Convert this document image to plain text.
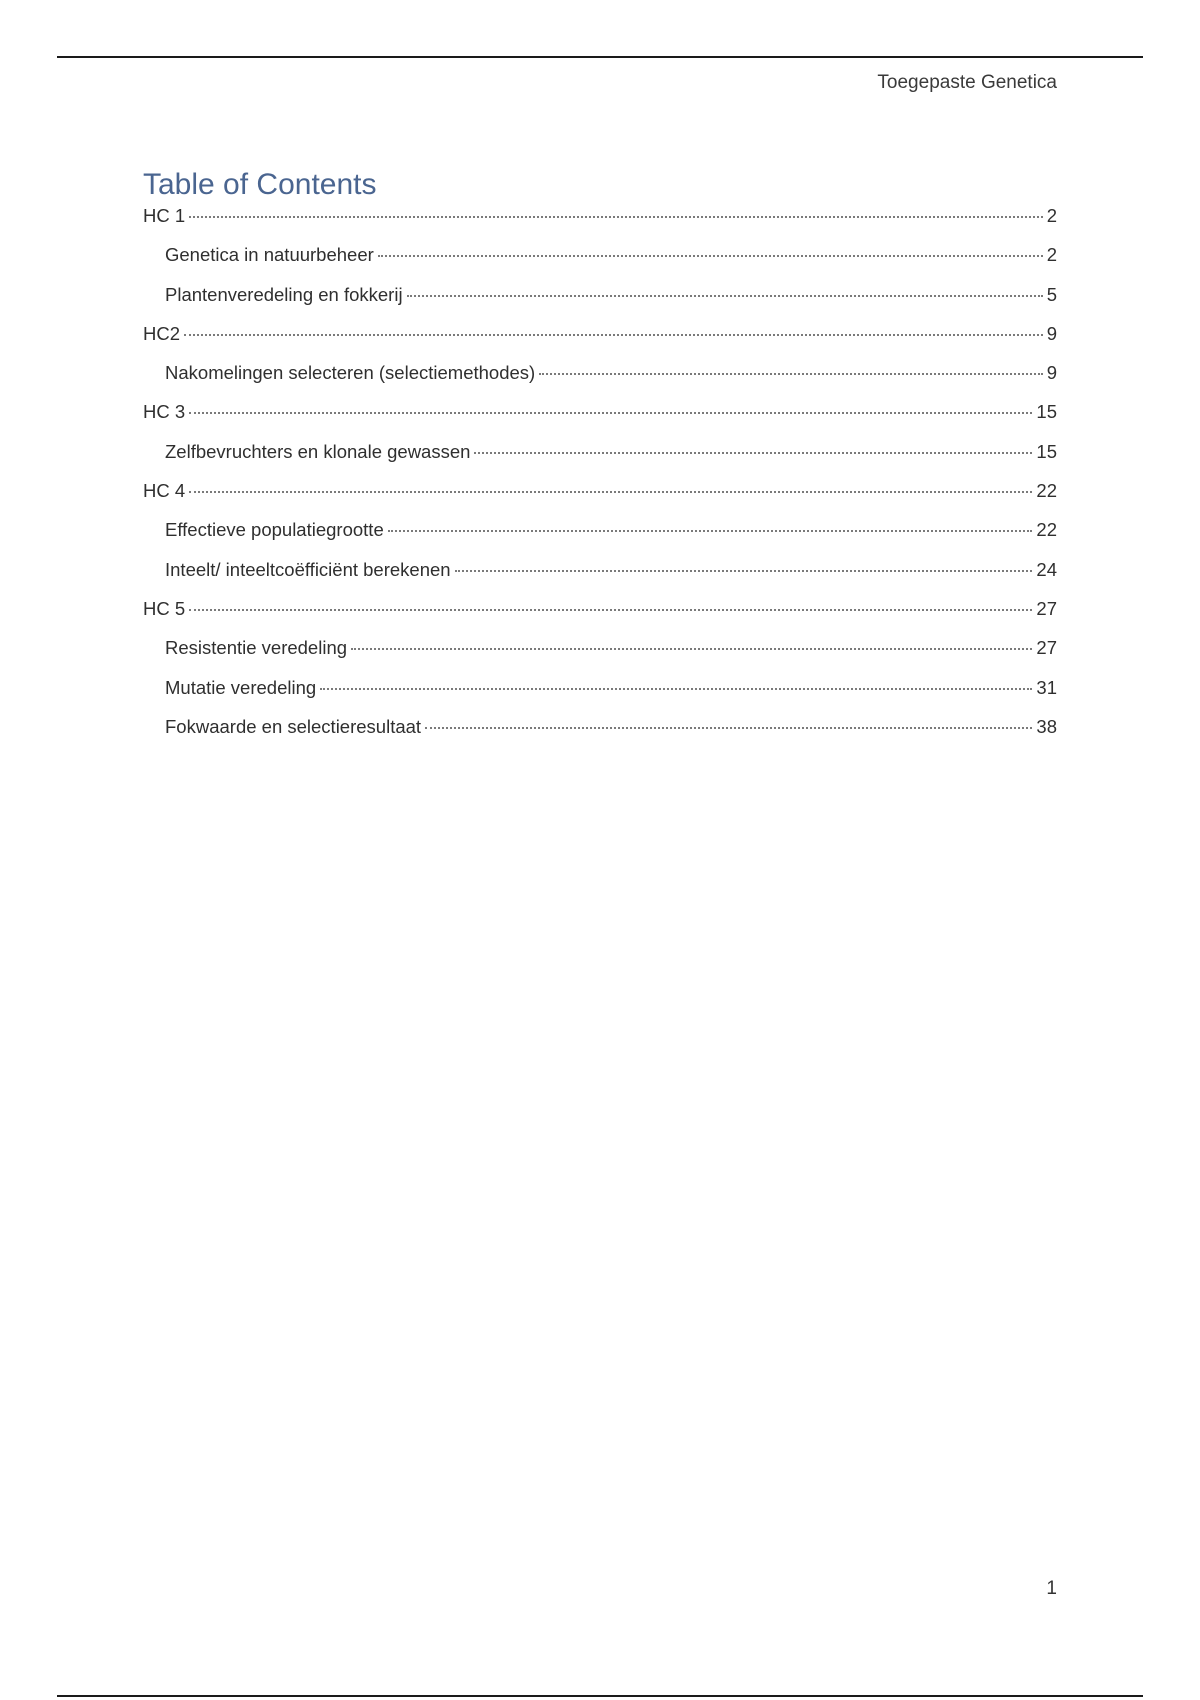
Toegepaste Genetica
Table of Contents
HC 1	2
Genetica in natuurbeheer	2
Plantenveredeling en fokkerij	5
HC2	9
Nakomelingen selecteren (selectiemethodes)	9
HC 3	15
Zelfbevruchters en klonale gewassen	15
HC 4	22
Effectieve populatiegrootte	22
Inteelt/ inteeltcoëfficiënt berekenen	24
HC 5	27
Resistentie veredeling	27
Mutatie veredeling	31
Fokwaarde en selectieresultaat	38
1
